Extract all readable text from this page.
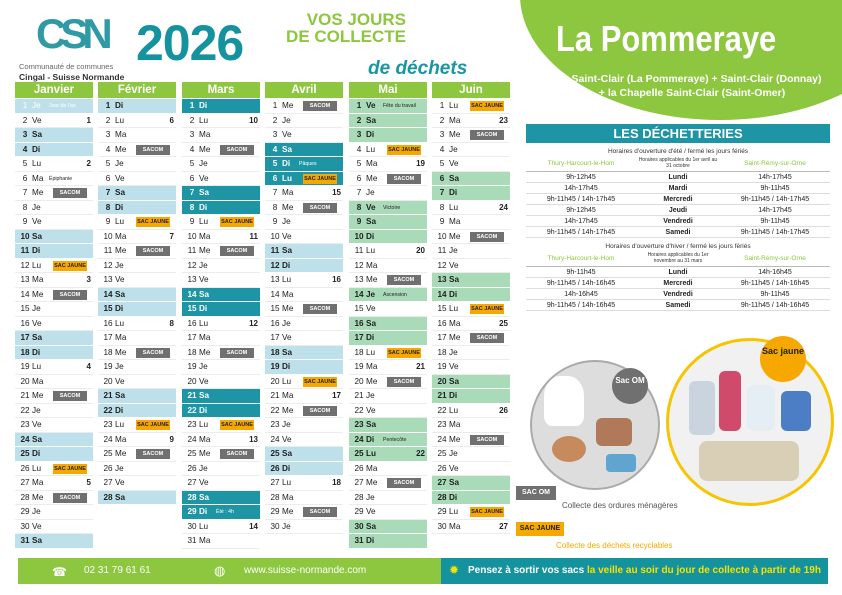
CSN
Communauté de communes
Cingal - Suisse Normande
2026	VOS JOURS
DE COLLECTE
de déchets
La Pommeraye
+ Saint-Clair (La Pommeraye) + Saint-Clair (Donnay) + la Chapelle Saint-Clair (Saint-Omer)
Janvier
1 Je Jour de l'an
2 Ve	1
3 Sa
4 Di
5 Lu	2
6 Ma Épiphanie
7 Me	SACOM
8 Je
9 Ve
10 Sa
11 Di
12 Lu SAC JAUNE
13 Ma	3
14 Me	SACOM
15 Je
16 Ve
17 Sa
18 Di
19 Lu	4
20 Ma
21 Me	SACOM
22 Je
23 Ve
24 Sa
25 Di
26 Lu SAC JAUNE
27 Ma	5
28 Me	SACOM
29 Je
30 Ve
31 Sa
Février
1 Di
2 Lu	6
3 Ma
4 Me	SACOM
5 Je
6 Ve
7 Sa
8 Di
9 Lu SAC JAUNE
10 Ma	7
11 Me	SACOM
12 Je
13 Ve
14 Sa
15 Di
16 Lu	8
17 Ma
18 Me	SACOM
19 Je
20 Ve
21 Sa
22 Di
23 Lu SAC JAUNE
24 Ma	9
25 Me	SACOM
26 Je
27 Ve
28 Sa
Mars
1 Di
2 Lu	10
3 Ma
4 Me	SACOM
5 Je
6 Ve
7 Sa
8 Di
9 Lu SAC JAUNE
10 Ma	11
11 Me	SACOM
12 Je
13 Ve
14 Sa
15 Di
16 Lu	12
17 Ma
18 Me	SACOM
19 Je
20 Ve
21 Sa
22 Di
23 Lu SAC JAUNE
24 Ma	13
25 Me	SACOM
26 Je
27 Ve
28 Sa
29 Di Été : 4h
30 Lu	14
31 Ma
Avril
1 Me	SACOM
2 Je
3 Ve
4 Sa
5 Di Pâques
6 Lu SAC JAUNE
7 Ma	15
8 Me	SACOM
9 Je
10 Ve
11 Sa
12 Di
13 Lu	16
14 Ma
15 Me	SACOM
16 Je
17 Ve
18 Sa
19 Di
20 Lu SAC JAUNE
21 Ma	17
22 Me	SACOM
23 Je
24 Ve
25 Sa
26 Di
27 Lu	18
28 Ma
29 Me	SACOM
30 Je
Mai
1 Ve Fête du travail
2 Sa
3 Di
4 Lu SAC JAUNE
5 Ma	19
6 Me	SACOM
7 Je
8 Ve Victoire
9 Sa
10 Di
11 Lu	20
12 Ma
13 Me	SACOM
14 Je Ascension
15 Ve
16 Sa
17 Di
18 Lu SAC JAUNE
19 Ma	21
20 Me	SACOM
21 Je
22 Ve
23 Sa
24 Di Pentecôte
25 Lu	22
26 Ma
27 Me	SACOM
28 Je
29 Ve
30 Sa
31 Di
Juin
1 Lu SAC JAUNE
2 Ma	23
3 Me	SACOM
4 Je
5 Ve
6 Sa
7 Di
8 Lu	24
9 Ma
10 Me	SACOM
11 Je
12 Ve
13 Sa
14 Di
15 Lu SAC JAUNE
16 Ma	25
17 Me	SACOM
18 Je
19 Ve
20 Sa
21 Di
22 Lu	26
23 Ma
24 Me	SACOM
25 Je
26 Ve
27 Sa
28 Di
29 Lu SAC JAUNE
30 Ma	27
LES DÉCHETTERIES
Horaires d'ouverture d'été / fermé les jours fériés
Thury-Harcourt-le-Hom	Horaires applicables du 1er avril au 31 octobre	Saint-Rémy-sur-Orne
9h-12h45	Lundi	14h-17h45
14h-17h45	Mardi	9h-11h45
9h-11h45 / 14h-17h45	Mercredi	9h-11h45 / 14h-17h45
9h-12h45	Jeudi	14h-17h45
14h-17h45	Vendredi	9h-11h45
9h-11h45 / 14h-17h45	Samedi	9h-11h45 / 14h-17h45
Horaires d'ouverture d'hiver / fermé les jours fériés
Thury-Harcourt-le-Hom	Horaires applicables du 1er novembre au 31 mars	Saint-Rémy-sur-Orne
9h-11h45	Lundi	14h-16h45
9h-11h45 / 14h-16h45	Mercredi	9h-11h45 / 14h-16h45
14h-16h45	Vendredi	9h-11h45
9h-11h45 / 14h-16h45	Samedi	9h-11h45 / 14h-16h45
Sac OM
Sac jaune
SAC OM
Collecte des ordures ménagères
SAC JAUNE
Collecte des déchets recyclables
☎ 02 31 79 61 61	◍ www.suisse-normande.com	✹ Pensez à sortir vos sacs la veille au soir du jour de collecte à partir de 19h
